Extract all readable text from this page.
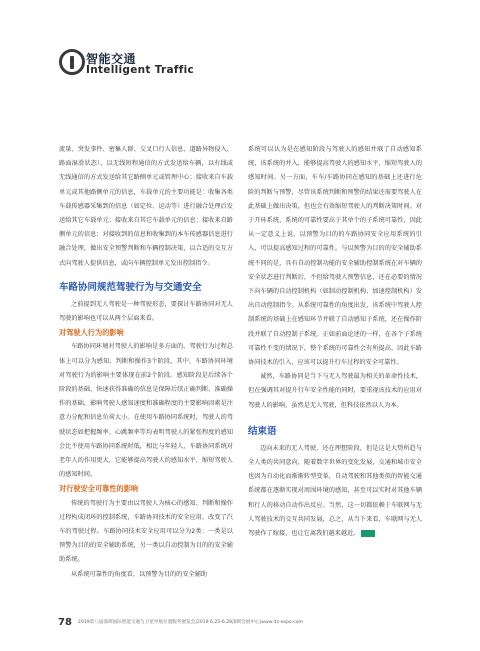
智能交通
Intelligent Traffic

流量、突发事件、密集人群、交叉口行人信息、道路异物侵入、路面湿滑状态），以无线短程通信的方式发送给车辆，以有线或无线通信的方式发送给其它路侧单元或管理中心；接收来自车载单元或其他路侧单元的信息，车载单元的主要功能是：收集各类车载传感器采集到的信息（如定位、运动等）进行融合处理后发送给其它车载单元；接收来自其它车载单元的信息；接收来自路侧单元的信息；对接收到的信息和收集到的本车传感器信息进行融合处理，做出安全预警判断和车辆控制决策，以合适的交互方式向驾驶人提供信息，或向车辆控制单元发出控制指令。

车路协同规范驾驶行为与交通安全

之前提到无人驾驶是一种驾驶形态，要探讨车路协同对无人驾驶的影响也可以从两个层面来看。

对驾驶人行为的影响

车路协同环境对驾驶人的影响是多方面的，驾驶行为过程总体上可以分为感知、判断和操作3个阶段，其中，车路协同环境对驾驶行为的影响主要体现在前2个阶段。感知阶段是后续各个阶段的基础，快速获得准确的信息是保障后续正确判断、准确操作的基础，影响驾驶人感知速度和准确程度的主要影响因素是注意力分配和信息负荷大小。在使用车路协同系统时，驾驶人的驾驶状态如把握频率、心跳频率等均表明驾驶人的紧张程度的感知会比不使用车路协同系统时低，相比与年轻人，车路协同系统对老年人的作用更大，它能够提高驾驶人的感知水平，缩短驾驶人的感知时间。

对行驶安全可靠性的影响

传统的驾驶行为主要由以驾驶人为核心的感知、判断和操作过程构成闭环的控制系统，车路协同技术的安全应用，改变了汽车的驾驶过程。车路协同技术安全应用可以分为2类：一类是以预警为目的的安全辅助系统，另一类以自动控制为目的的安全辅助系统。

从系统可靠性的角度看，以预警为目的的安全辅助

系统可以认为是在感知阶段与驾驶人的感知并联了自动感知系统，该系统的并入，能够提高驾驶人的感知水平，缩短驾驶人的感知时间。另一方面，车车/车路协同在感知的基础上还进行危险的判断与预警，尽管该系统判断和预警的结果还需要驾驶人在此基础上做出决策，但也会有效缩短驾驶人的判断决策时间。对于开环系统，系统的可靠性要高于其单个的子系统可靠性，因此从一定意义上说，以预警为目的的车路协同安全应用系统的引入，可以提高感知过程的可靠性。与以预警为目的的安全辅助系统不同的是，具有自动控制功能的安全辅助控制系统在对车辆的安全状态进行判断后，不但给驾驶人预警信息，还在必要的情况下向车辆的自动控制机构（如制动控制机构、加速控制机构）发出自动控制指令。从系统可靠性的角度出发，该系统中驾驶人控制系统的基础上在感知环节并联了自动感知子系统，还在操作阶段并联了自动控制子系统。正如前面论述的一样，在各个子系统可靠性不变的情况下，整个系统的可靠性会有所提高，因此车路协同技术的引入，应该可以提升行车过程的安全可靠性。

诚然，车路协同是当下与无人驾驶最为相关的革命性技术，但在强调其对提升行车安全性能的同时，要重视该技术的应用对驾驶人的影响，虽然是无人驾驶，但科技依然以人为本。

结束语

迈向未来的无人驾驶，还在理想阶段，但是这是大势所趋与全人类的共同意向，随着数字世界的变化发展，交通和城市安全也因为自动化而渐渐转型变革，自动驾驶和其他类似的智能交通系统都在逐渐实现对周围环境的感知，甚至可以实时对其他车辆和行人的移动自动作出反应。当然，这一切都依赖于车联网与无人驾驶技术的交互共同发展，总之，从当下来看，车联网与无人驾驶作了嫁接，也让它离我们越来越近。

78 2019第八届深圳国际智能交通与卫星导航位置服务展览会|2019.6.25-6.28深圳会展中心|www.its-expo.com
